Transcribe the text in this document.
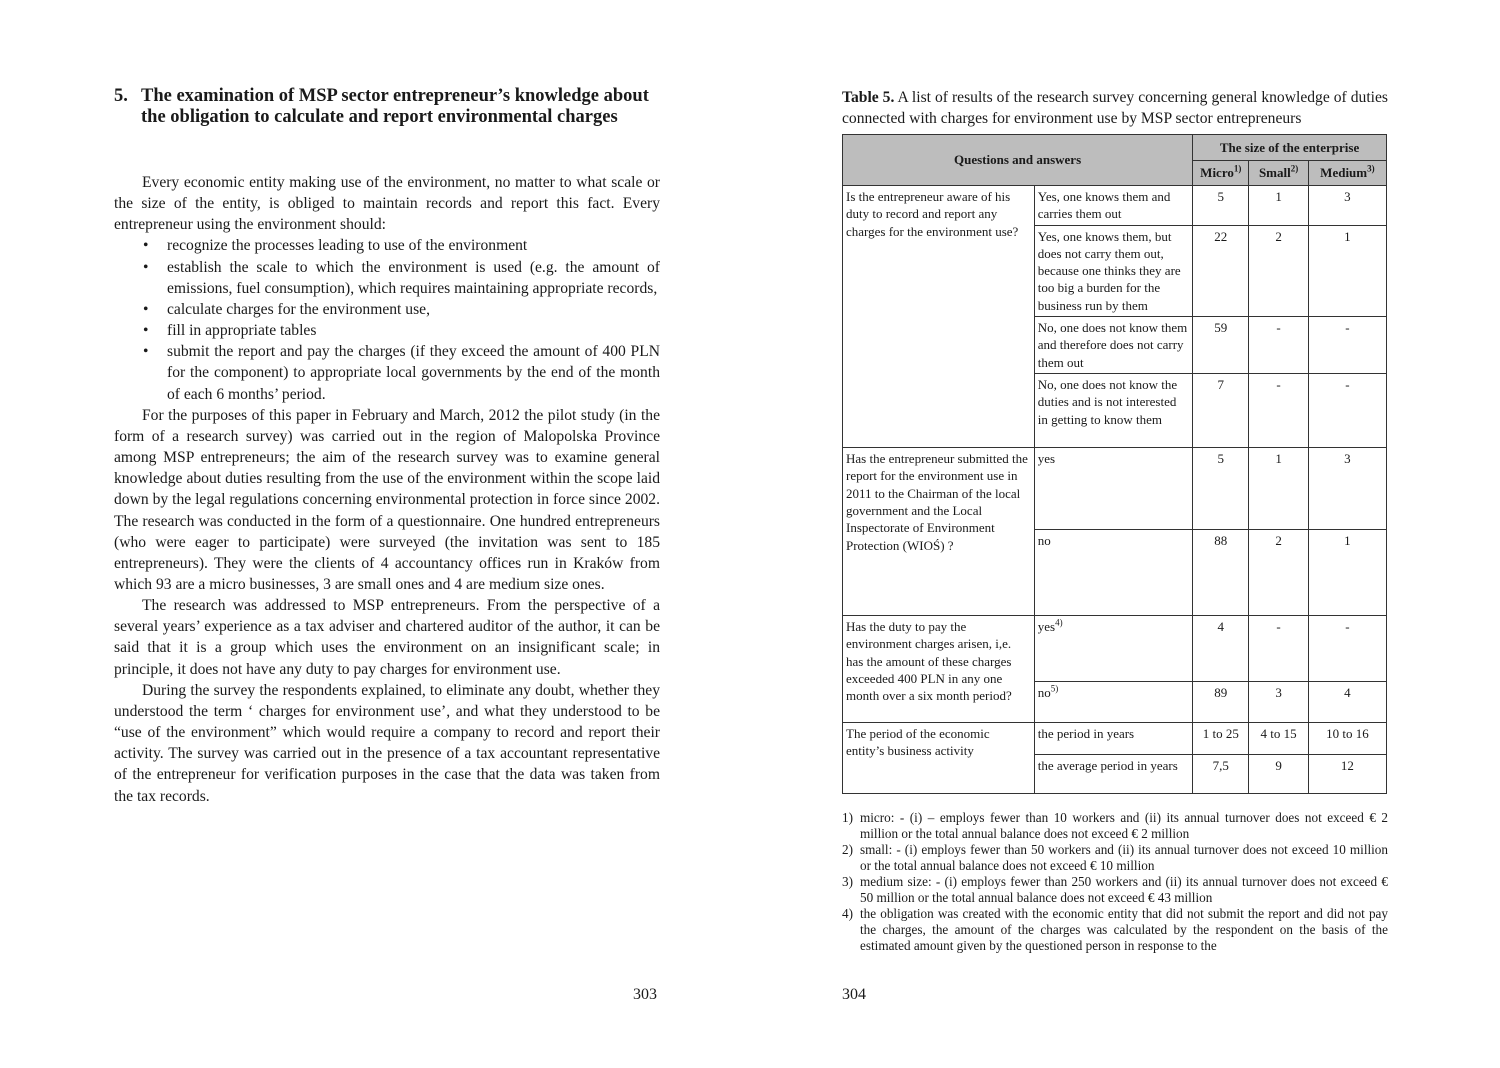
5. The examination of MSP sector entrepreneur’s knowledge about the obligation to calculate and report environmental charges

Every economic entity making use of the environment, no matter to what scale or the size of the entity, is obliged to maintain records and report this fact. Every entrepreneur using the environment should:

• recognize the processes leading to use of the environment
• establish the scale to which the environment is used (e.g. the amount of emissions, fuel consumption), which requires maintaining appropriate records,
• calculate charges for the environment use,
• fill in appropriate tables
• submit the report and pay the charges (if they exceed the amount of 400 PLN for the component) to appropriate local governments by the end of the month of each 6 months’ period.

For the purposes of this paper in February and March, 2012 the pilot study (in the form of a research survey) was carried out in the region of Malopolska Province among MSP entrepreneurs; the aim of the research survey was to examine general knowledge about duties resulting from the use of the environment within the scope laid down by the legal regulations concerning environmental protection in force since 2002. The research was conducted in the form of a questionnaire. One hundred entrepreneurs (who were eager to participate) were surveyed (the invitation was sent to 185 entrepreneurs). They were the clients of 4 accountancy offices run in Kraków from which 93 are a micro businesses, 3 are small ones and 4 are medium size ones.

The research was addressed to MSP entrepreneurs. From the perspective of a several years’ experience as a tax adviser and chartered auditor of the author, it can be said that it is a group which uses the environment on an insignificant scale; in principle, it does not have any duty to pay charges for environment use.

During the survey the respondents explained, to eliminate any doubt, whether they understood the term ‘ charges for environment use’, and what they understood to be “use of the environment” which would require a company to record and report their activity. The survey was carried out in the presence of a tax accountant representative of the entrepreneur for verification purposes in the case that the data was taken from the tax records.

303
Table 5. A list of results of the research survey concerning general knowledge of duties connected with charges for environment use by MSP sector entrepreneurs
Questions and answers		The size of the enterprise		
		Micro$^{1)}$	Small$^{2)}$	Medium$^{3)}$
Is the entrepreneur aware of his duty to record and report any charges for the environment use?	Yes, one knows them and carries them out	5	1	3
	Yes, one knows them, but does not carry them out, because one thinks they are too big a burden for the business run by them	22	2	1
	No, one does not know them and therefore does not carry them out	59	-	-
	No, one does not know the duties and is not interested in getting to know them	7	-	-
Has the entrepreneur submitted the report for the environment use in 2011 to the Chairman of the local government and the Local Inspectorate of Environment Protection (WIOŚ) ?	yes	5	1	3
	no	88	2	1
Has the duty to pay the environment charges arisen, i,e. has the amount of these charges exceeded 400 PLN in any one month over a six month period?	yes$^{4)}$	4	-	-
	$no^{5)}$	89	3	4
The period of the economic entity’s business activity	the period in years	1 to 25	4 to 15	10 to 16
	the average period in years	7,5	9	12
1) micro: - (i) – employs fewer than 10 workers and (ii) its annual turnover does not exceed € 2 million or the total annual balance does not exceed € 2 million
2) small: - (i) employs fewer than 50 workers and (ii) its annual turnover does not exceed 10 million or the total annual balance does not exceed € 10 million
3) medium size: - (i) employs fewer than 250 workers and (ii) its annual turnover does not exceed € 50 million or the total annual balance does not exceed € 43 million
4) the obligation was created with the economic entity that did not submit the report and did not pay the charges, the amount of the charges was calculated by the respondent on the basis of the estimated amount given by the questioned person in response to the
304
